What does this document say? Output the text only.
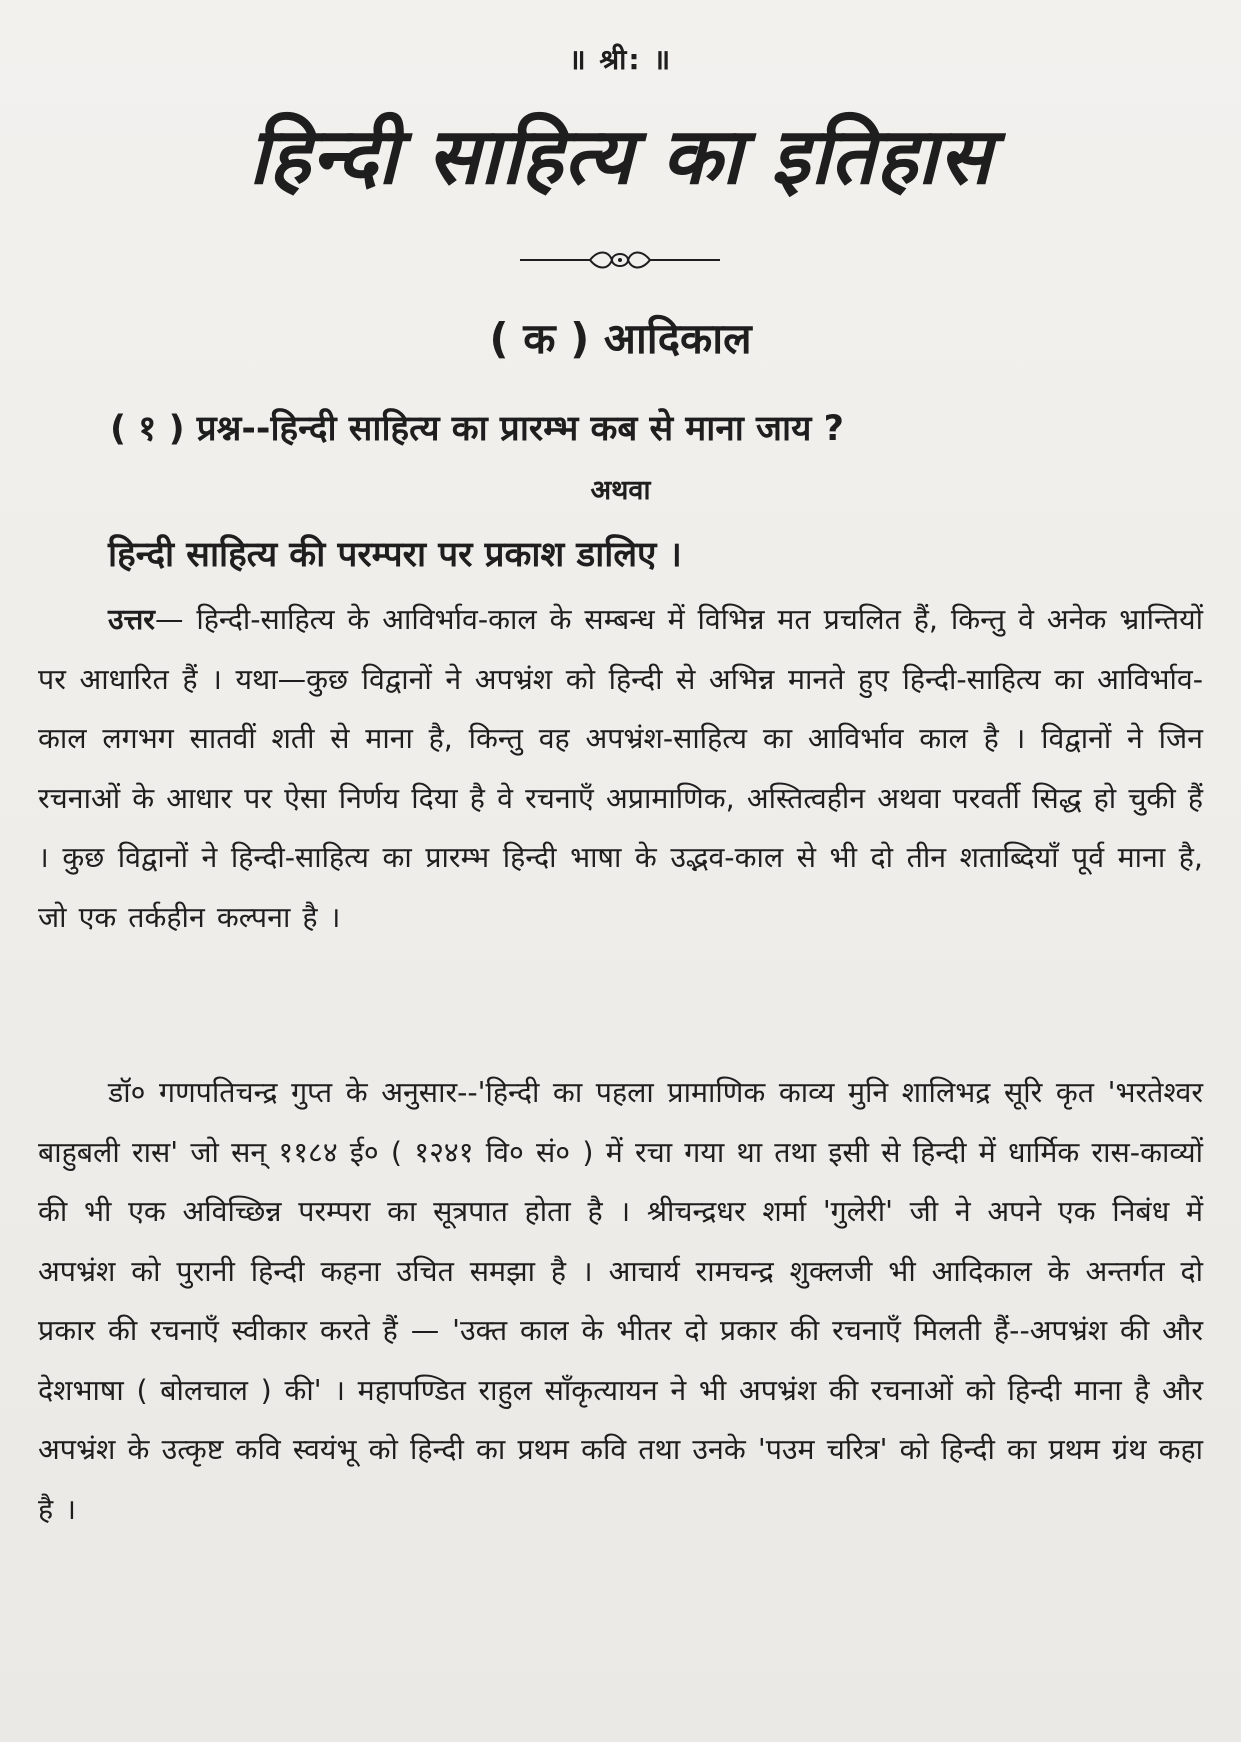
॥ श्री: ॥
हिन्दी साहित्य का इतिहास
( क ) आदिकाल
( १ ) प्रश्न--हिन्दी साहित्य का प्रारम्भ कब से माना जाय ?
अथवा
हिन्दी साहित्य की परम्परा पर प्रकाश डालिए ।
उत्तर— हिन्दी-साहित्य के आविर्भाव-काल के सम्बन्ध में विभिन्न मत प्रचलित हैं, किन्तु वे अनेक भ्रान्तियों पर आधारित हैं । यथा—कुछ विद्वानों ने अपभ्रंश को हिन्दी से अभिन्न मानते हुए हिन्दी-साहित्य का आविर्भाव-काल लगभग सातवीं शती से माना है, किन्तु वह अपभ्रंश-साहित्य का आविर्भाव काल है । विद्वानों ने जिन रचनाओं के आधार पर ऐसा निर्णय दिया है वे रचनाएँ अप्रामाणिक, अस्तित्वहीन अथवा परवर्ती सिद्ध हो चुकी हैं । कुछ विद्वानों ने हिन्दी-साहित्य का प्रारम्भ हिन्दी भाषा के उद्भव-काल से भी दो तीन शताब्दियाँ पूर्व माना है, जो एक तर्कहीन कल्पना है ।
डॉ० गणपतिचन्द्र गुप्त के अनुसार--'हिन्दी का पहला प्रामाणिक काव्य मुनि शालिभद्र सूरि कृत 'भरतेश्वर बाहुबली रास' जो सन् ११८४ ई० ( १२४१ वि० सं० ) में रचा गया था तथा इसी से हिन्दी में धार्मिक रास-काव्यों की भी एक अविच्छिन्न परम्परा का सूत्रपात होता है । श्रीचन्द्रधर शर्मा 'गुलेरी' जी ने अपने एक निबंध में अपभ्रंश को पुरानी हिन्दी कहना उचित समझा है । आचार्य रामचन्द्र शुक्लजी भी आदिकाल के अन्तर्गत दो प्रकार की रचनाएँ स्वीकार करते हैं — 'उक्त काल के भीतर दो प्रकार की रचनाएँ मिलती हैं--अपभ्रंश की और देशभाषा ( बोलचाल ) की' । महापण्डित राहुल साँकृत्यायन ने भी अपभ्रंश की रचनाओं को हिन्दी माना है और अपभ्रंश के उत्कृष्ट कवि स्वयंभू को हिन्दी का प्रथम कवि तथा उनके 'पउम चरित्र' को हिन्दी का प्रथम ग्रंथ कहा है ।
